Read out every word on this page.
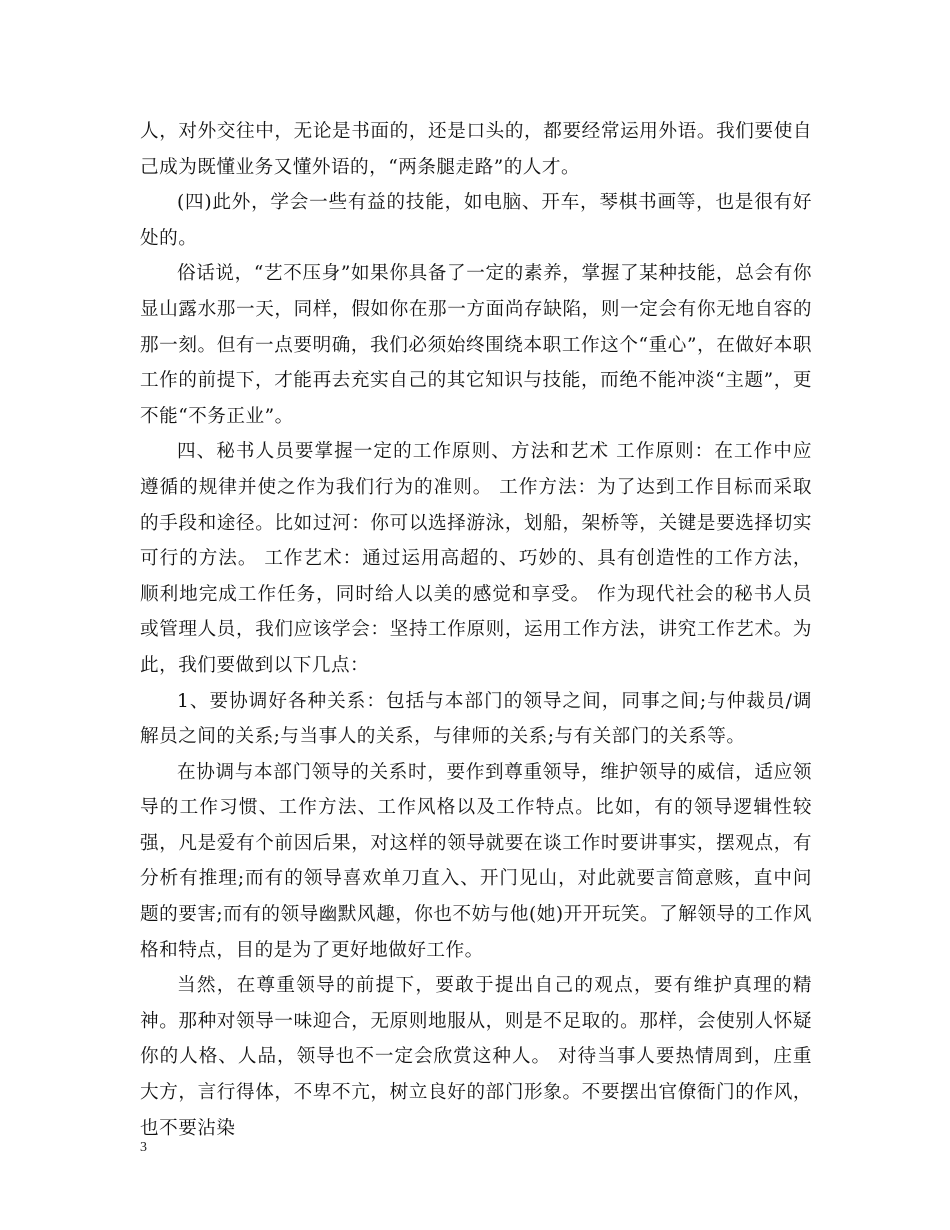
人，对外交往中，无论是书面的，还是口头的，都要经常运用外语。我们要使自己成为既懂业务又懂外语的，“两条腿走路”的人才。

(四)此外，学会一些有益的技能，如电脑、开车，琴棋书画等，也是很有好处的。

俗话说，“艺不压身”如果你具备了一定的素养，掌握了某种技能，总会有你显山露水那一天，同样，假如你在那一方面尚存缺陷，则一定会有你无地自容的那一刻。但有一点要明确，我们必须始终围绕本职工作这个“重心”，在做好本职工作的前提下，才能再去充实自己的其它知识与技能，而绝不能冲淡“主题”，更不能“不务正业”。

四、秘书人员要掌握一定的工作原则、方法和艺术 工作原则：在工作中应遵循的规律并使之作为我们行为的准则。 工作方法：为了达到工作目标而采取的手段和途径。比如过河：你可以选择游泳，划船，架桥等，关键是要选择切实 可行的方法。 工作艺术：通过运用高超的、巧妙的、具有创造性的工作方法，顺利地完成工作任务，同时给人以美的感觉和享受。 作为现代社会的秘书人员或管理人员，我们应该学会：坚持工作原则，运用工作方法，讲究工作艺术。为此，我们要做到以下几点：

1、要协调好各种关系：包括与本部门的领导之间，同事之间;与仲裁员/调解员之间的关系;与当事人的关系，与律师的关系;与有关部门的关系等。

在协调与本部门领导的关系时，要作到尊重领导，维护领导的威信，适应领导的工作习惯、工作方法、工作风格以及工作特点。比如，有的领导逻辑性较强，凡是爱有个前因后果，对这样的领导就要在谈工作时要讲事实，摆观点，有分析有推理;而有的领导喜欢单刀直入、开门见山，对此就要言简意赅，直中问题的要害;而有的领导幽默风趣，你也不妨与他(她)开开玩笑。了解领导的工作风格和特点，目的是为了更好地做好工作。

当然，在尊重领导的前提下，要敢于提出自己的观点，要有维护真理的精神。那种对领导一味迎合，无原则地服从，则是不足取的。那样，会使别人怀疑你的人格、人品，领导也不一定会欣赏这种人。 对待当事人要热情周到，庄重大方，言行得体，不卑不亢，树立良好的部门形象。不要摆出官僚衙门的作风，也不要沾染

3
